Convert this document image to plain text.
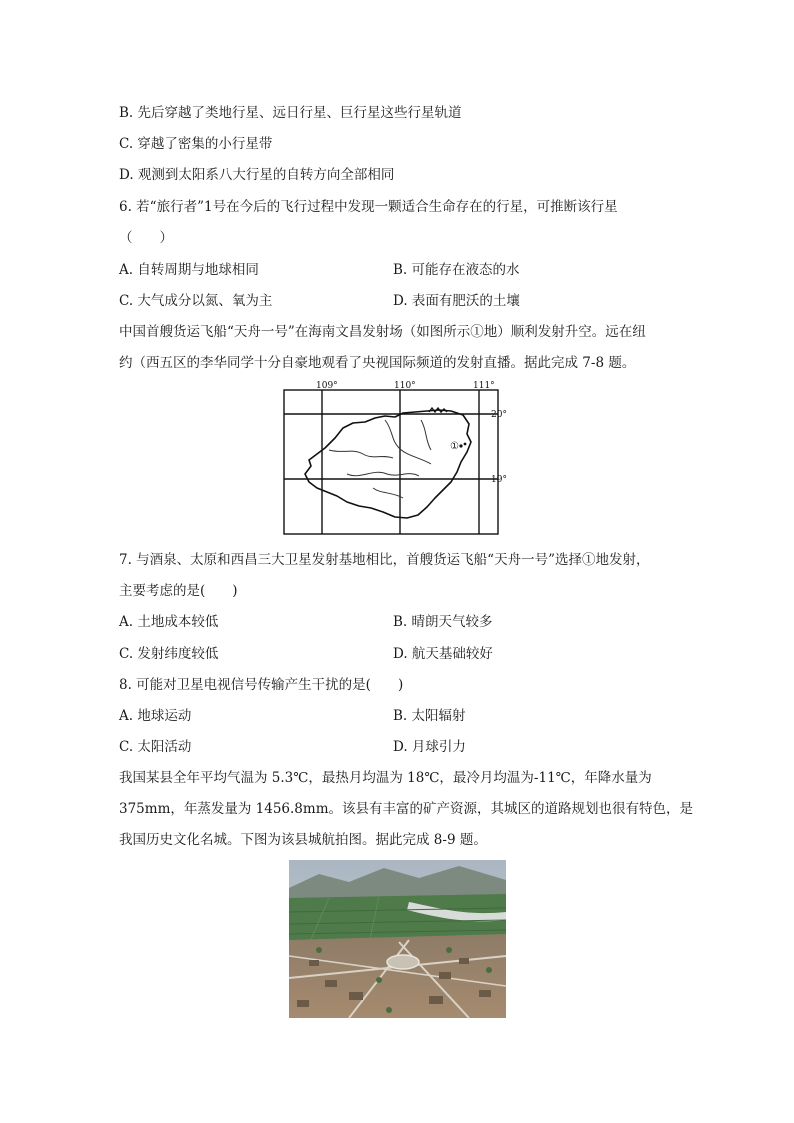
B. 先后穿越了类地行星、远日行星、巨行星这些行星轨道
C. 穿越了密集的小行星带
D. 观测到太阳系八大行星的自转方向全部相同
6. 若“旅行者”1号在今后的飞行过程中发现一颗适合生命存在的行星，可推断该行星
（　　）
A. 自转周期与地球相同	B. 可能存在液态的水
C. 大气成分以氮、氧为主	D. 表面有肥沃的土壤
中国首艘货运飞船“天舟一号”在海南文昌发射场（如图所示①地）顺利发射升空。远在纽
约（西五区的李华同学十分自豪地观看了央视国际频道的发射直播。据此完成 7-8 题。
109°	110°	111°
20°
19°
①
7. 与酒泉、太原和西昌三大卫星发射基地相比，首艘货运飞船“天舟一号”选择①地发射，
主要考虑的是(　　)
A. 土地成本较低	B. 晴朗天气较多
C. 发射纬度较低	D. 航天基础较好
8. 可能对卫星电视信号传输产生干扰的是(　　)
A. 地球运动	B. 太阳辐射
C. 太阳活动	D. 月球引力
我国某县全年平均气温为 5.3℃，最热月均温为 18℃，最冷月均温为-11℃，年降水量为
375mm，年蒸发量为 1456.8mm。该县有丰富的矿产资源，其城区的道路规划也很有特色，是
我国历史文化名城。下图为该县城航拍图。据此完成 8-9 题。
